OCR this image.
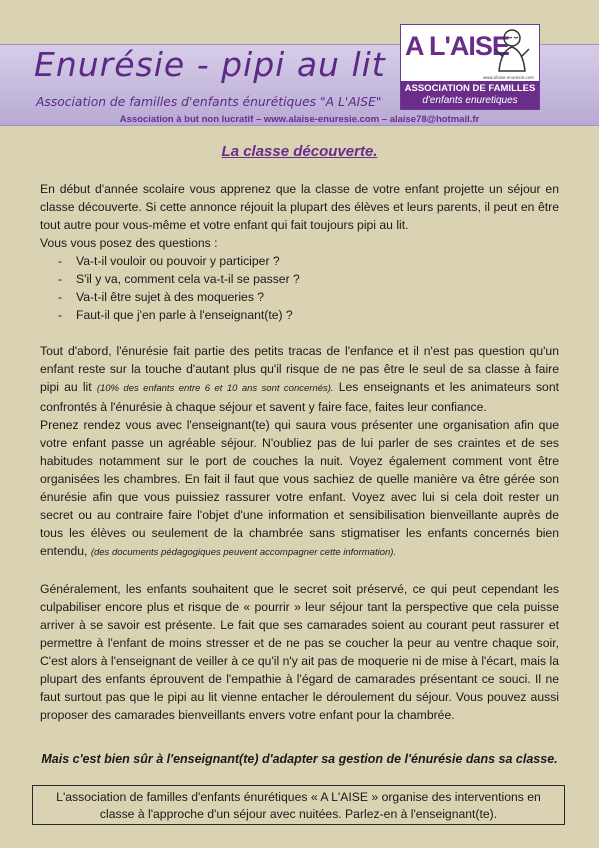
Enurésie - pipi au lit
Association de familles d'enfants énurétiques "A L'AISE"
A L'AISE
www.alaise-enuresie.com
ASSOCIATION DE FAMILLES
d'enfants enuretiques
Association à but non lucratif – www.alaise-enuresie.com – alaise78@hotmail.fr
La classe découverte.

En début d'année scolaire vous apprenez que la classe de votre enfant projette un séjour en classe découverte. Si cette annonce réjouit la plupart des élèves et leurs parents, il peut en être tout autre pour vous-même et votre enfant qui fait toujours pipi au lit.

Vous vous posez des questions :

- Va-t-il vouloir ou pouvoir y participer ?
- S'il y va, comment cela va-t-il se passer ?
- Va-t-il être sujet à des moqueries ?
- Faut-il que j'en parle à l'enseignant(te) ?

Tout d'abord, l'énurésie fait partie des petits tracas de l'enfance et il n'est pas question qu'un enfant reste sur la touche d'autant plus qu'il risque de ne pas être le seul de sa classe à faire pipi au lit (10% des enfants entre 6 et 10 ans sont concernés). Les enseignants et les animateurs sont confrontés à l'énurésie à chaque séjour et savent y faire face, faites leur confiance.

Prenez rendez vous avec l'enseignant(te) qui saura vous présenter une organisation afin que votre enfant passe un agréable séjour. N'oubliez pas de lui parler de ses craintes et de ses habitudes notamment sur le port de couches la nuit. Voyez également comment vont être organisées les chambres. En fait il faut que vous sachiez de quelle manière va être gérée son énurésie afin que vous puissiez rassurer votre enfant. Voyez avec lui si cela doit rester un secret ou au contraire faire l'objet d'une information et sensibilisation bienveillante auprès de tous les élèves ou seulement de la chambrée sans stigmatiser les enfants concernés bien entendu, (des documents pédagogiques peuvent accompagner cette information).

Généralement, les enfants souhaitent que le secret soit préservé, ce qui peut cependant les culpabiliser encore plus et risque de « pourrir » leur séjour tant la perspective que cela puisse arriver à se savoir est présente. Le fait que ses camarades soient au courant peut rassurer et permettre à l'enfant de moins stresser et de ne pas se coucher la peur au ventre chaque soir, C'est alors à l'enseignant de veiller à ce qu'il n'y ait pas de moquerie ni de mise à l'écart, mais la plupart des enfants éprouvent de l'empathie à l'égard de camarades présentant ce souci. Il ne faut surtout pas que le pipi au lit vienne entacher le déroulement du séjour. Vous pouvez aussi proposer des camarades bienveillants envers votre enfant pour la chambrée.

Mais c'est bien sûr à l'enseignant(te) d'adapter sa gestion de l'énurésie dans sa classe.
L'association de familles d'enfants énurétiques « A L'AISE » organise des interventions en classe à l'approche d'un séjour avec nuitées. Parlez-en à l'enseignant(te).
